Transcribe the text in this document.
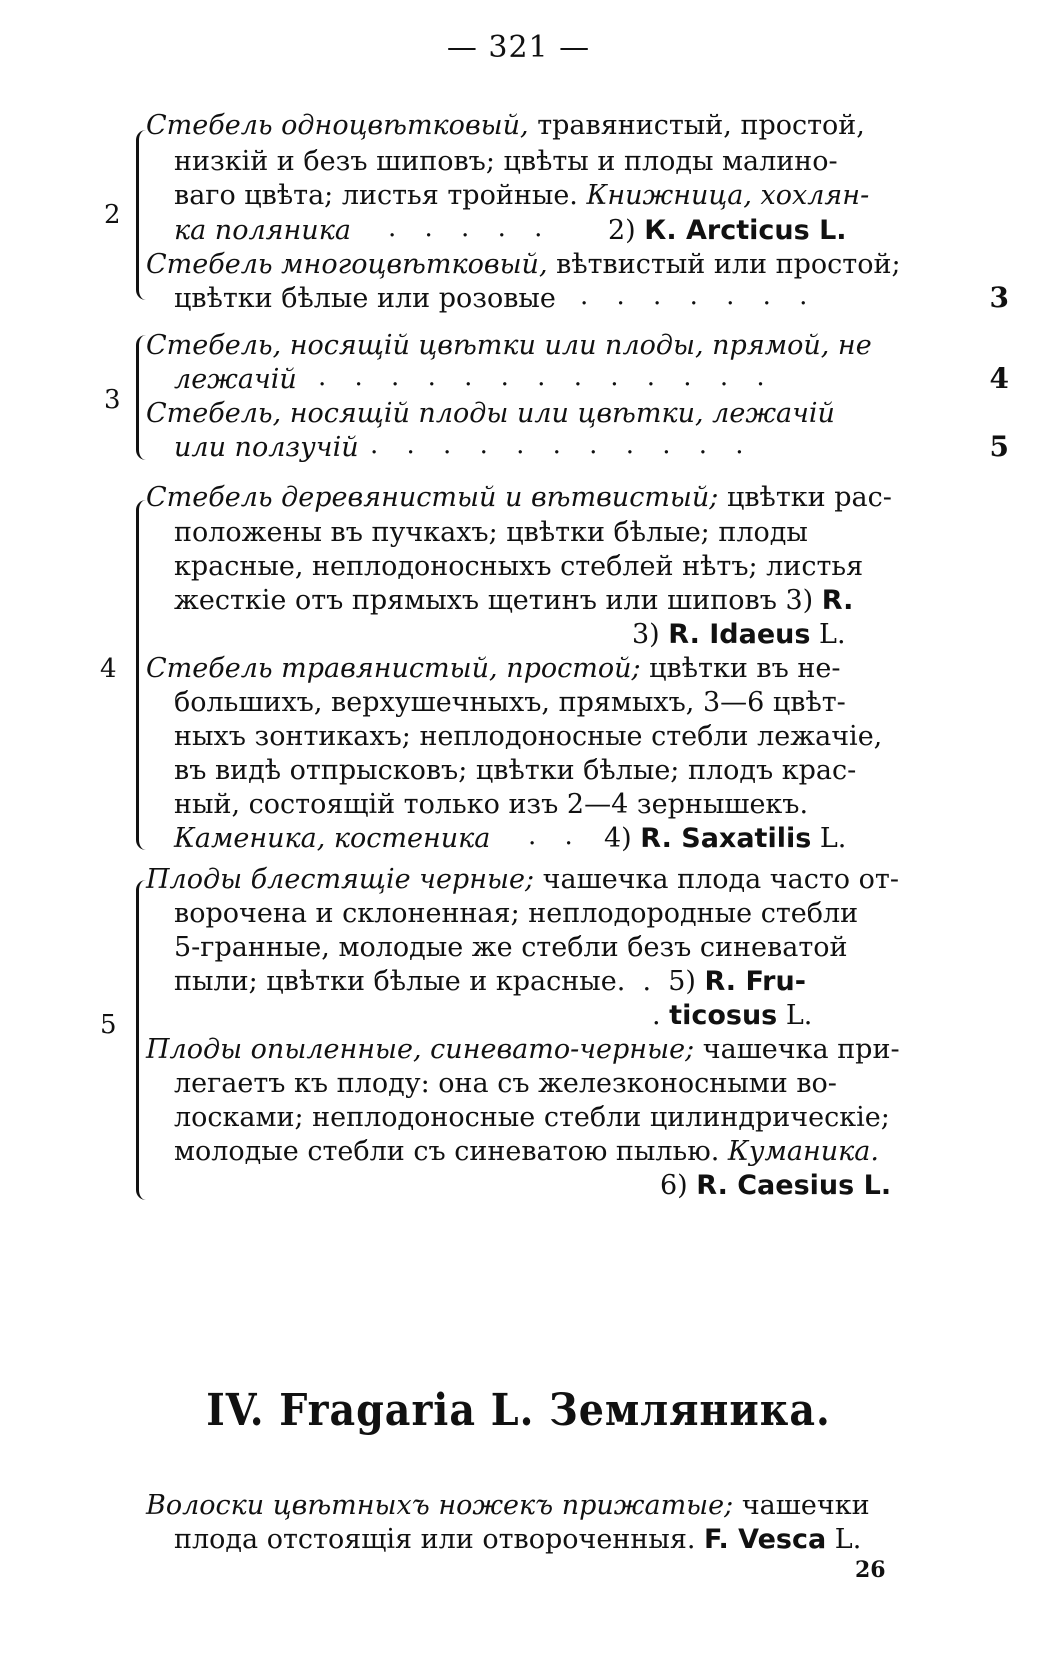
— 321 —
2
Стебель одноцвѣтковый, травянистый, простой,
низкій и безъ шиповъ; цвѣты и плоды малино-
ваго цвѣта; листья тройные. Книжница, хохлян-
ка поляника . . . . . 2) К. Arcticus L.
Стебель многоцвѣтковый, вѣтвистый или простой;
цвѣтки бѣлые или розовые . . . . . . .	3
3
Стебель, носящій цвѣтки или плоды, прямой, не
лежачій . . . . . . . . . . . . .	4
Стебель, носящій плоды или цвѣтки, лежачій
или ползучій . . . . . . . . . . .	5
4
Стебель деревянистый и вѣтвистый; цвѣтки рас-
положены въ пучкахъ; цвѣтки бѣлые; плоды
красные, неплодоносныхъ стеблей нѣтъ; листья
жесткіе отъ прямыхъ щетинъ или шиповъ 3) R.
3) R. Idaeus L.
Стебель травянистый, простой; цвѣтки въ не-
большихъ, верхушечныхъ, прямыхъ, 3—6 цвѣт-
ныхъ зонтикахъ; неплодоносные стебли лежачіе,
въ видѣ отпрысковъ; цвѣтки бѣлые; плодъ крас-
ный, состоящій только изъ 2—4 зернышекъ.
Каменика, костеника . . 4) R. Saxatilis L.
5
Плоды блестящіе черные; чашечка плода часто от-
ворочена и склоненная; неплодородные стебли
5-гранные, молодые же стебли безъ синеватой
пыли; цвѣтки бѣлые и красные.  .  5) R. Fru-
. ticosus L.
Плоды опыленные, синевато-черные; чашечка при-
легаетъ къ плоду: она съ железконосными во-
лосками; неплодоносные стебли цилиндрическіе;
молодые стебли съ синеватою пылью. Куманика.
6) R. Caesius L.
IV. Fragaria L. Земляника.
Волоски цвѣтныхъ ножекъ прижатые; чашечки
плода отстоящія или отвороченныя. F. Vesca L.
26
